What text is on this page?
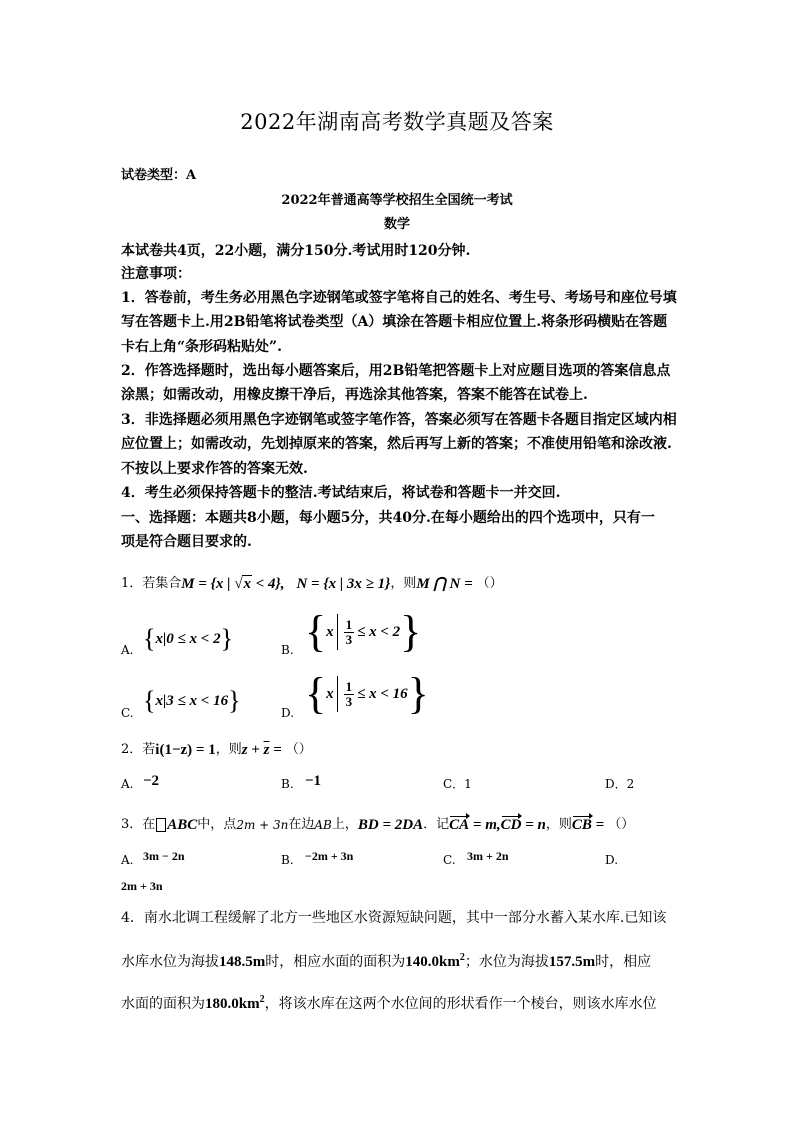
2022年湖南高考数学真题及答案
试卷类型：A
2022年普通高等学校招生全国统一考试
数学
本试卷共4页，22小题，满分150分.考试用时120分钟.
注意事项：
1．答卷前，考生务必用黑色字迹钢笔或签字笔将自己的姓名、考生号、考场号和座位号填
写在答题卡上.用2B铅笔将试卷类型（A）填涂在答题卡相应位置上.将条形码横贴在答题
卡右上角“条形码粘贴处”.
2．作答选择题时，选出每小题答案后，用2B铅笔把答题卡上对应题目选项的答案信息点
涂黑；如需改动，用橡皮擦干净后，再选涂其他答案，答案不能答在试卷上.
3．非选择题必须用黑色字迹钢笔或签字笔作答，答案必须写在答题卡各题目指定区域内相
应位置上；如需改动，先划掉原来的答案，然后再写上新的答案；不准使用铅笔和涂改液.
不按以上要求作答的答案无效.
4．考生必须保持答题卡的整洁.考试结束后，将试卷和答题卡一并交回.
一、选择题：本题共8小题，每小题5分，共40分.在每小题给出的四个选项中，只有一
项是符合题目要求的.
1．若集合 M = {x | √x < 4}, N = {x | 3x ≥ 1} ，则 M ⋂ N = （）
A. { x|0 ≤ x < 2 }	B. { x $\frac{1}{3} \le x < 2$ }
C. { x|3 ≤ x < 16 }	D. { x $\frac{1}{3} \le x < 16$ }
2．若 i(1−z) = 1 ，则 $z + \overline{z}$ = （）
A. −2	B. −1	C．1	D．2
3．在 ABC 中，点 2m + 3n 在边 AB 上， BD = 2DA ．记 CA = m,CD = n ，则 CB = （）
A. 3m − 2n	B. −2m + 3n	C. 3m + 2n	D.
2m + 3n
4．南水北调工程缓解了北方一些地区水资源短缺问题，其中一部分水蓄入某水库.已知该
水库水位为海拔 148.5m 时，相应水面的面积为 $140.0km^2$ ；水位为海拔 157.5m 时，相应
水面的面积为 $180.0km^2$ ，将该水库在这两个水位间的形状看作一个棱台，则该水库水位
